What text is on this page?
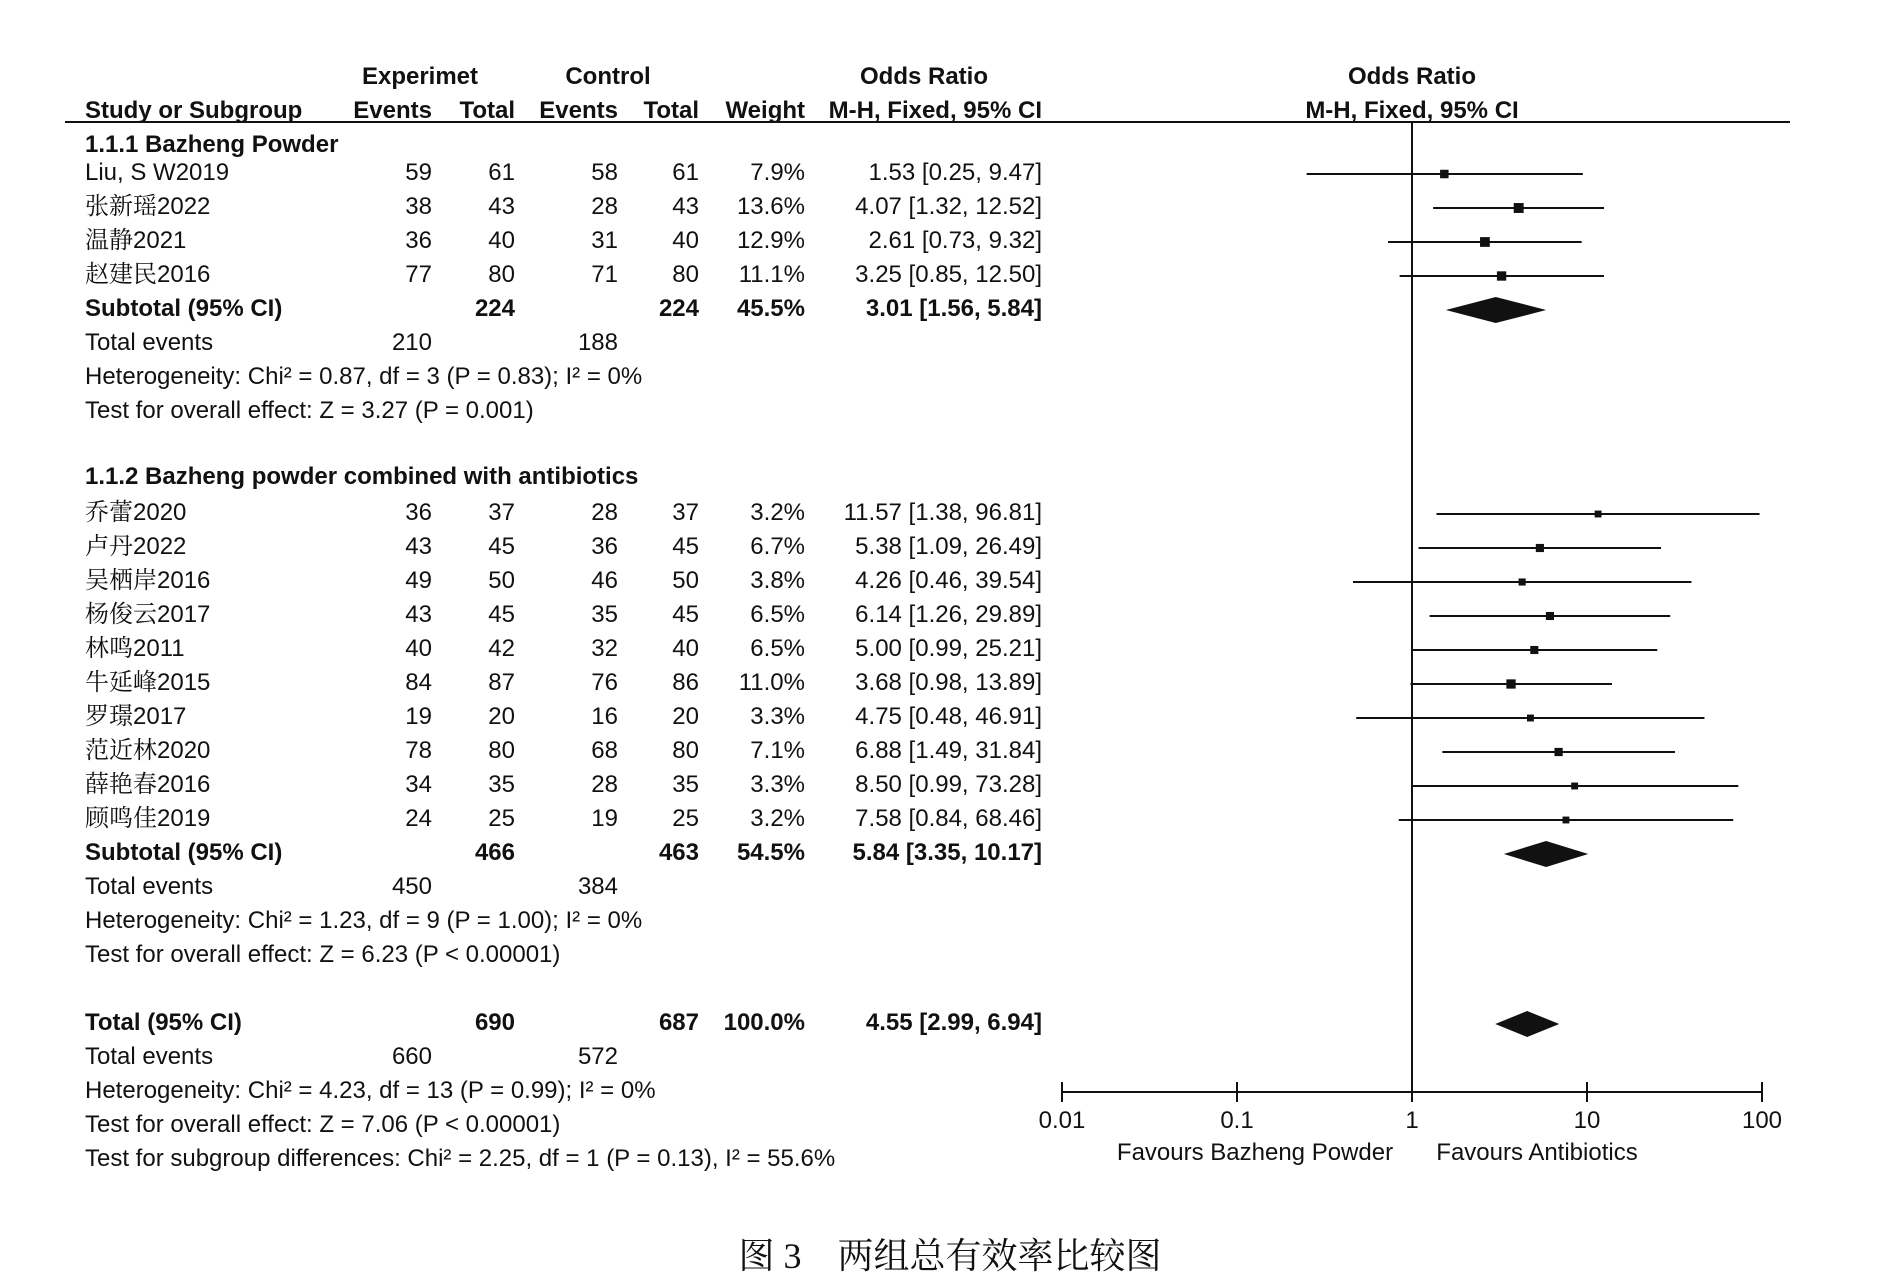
Experimet	Control	Odds Ratio	Odds Ratio
Study or Subgroup Events Total Events Total Weight M-H, Fixed, 95% CI	M-H, Fixed, 95% CI
1.1.1 Bazheng Powder
Liu, S W2019	59 61	58 61 7.9%	1.53 [0.25, 9.47]
张新瑶2022	38 43	28 43 13.6% 4.07 [1.32, 12.52]
温静2021	36 40	31 40 12.9%	2.61 [0.73, 9.32]
赵建民2016	77 80	71 80 11.1% 3.25 [0.85, 12.50]
Subtotal (95% CI)	224	224 45.5%	3.01 [1.56, 5.84]
Total events	210	188
Heterogeneity: Chi² = 0.87, df = 3 (P = 0.83); I² = 0%
Test for overall effect: Z = 3.27 (P = 0.001)
1.1.2 Bazheng powder combined with antibiotics
乔蕾2020	36 37	28 37 3.2% 11.57 [1.38, 96.81]
卢丹2022	43 45	36 45 6.7% 5.38 [1.09, 26.49]
吴栖岸2016	49 50	46 50 3.8% 4.26 [0.46, 39.54]
杨俊云2017	43 45	35 45 6.5% 6.14 [1.26, 29.89]
林鸣2011	40 42	32 40 6.5% 5.00 [0.99, 25.21]
牛延峰2015	84 87	76 86 11.0% 3.68 [0.98, 13.89]
罗璟2017	19 20	16 20 3.3% 4.75 [0.48, 46.91]
范近林2020	78 80	68 80 7.1% 6.88 [1.49, 31.84]
薛艳春2016	34 35	28 35 3.3% 8.50 [0.99, 73.28]
顾鸣佳2019	24 25	19 25 3.2% 7.58 [0.84, 68.46]
Subtotal (95% CI)	466	463 54.5% 5.84 [3.35, 10.17]
Total events	450	384
Heterogeneity: Chi² = 1.23, df = 9 (P = 1.00); I² = 0%
Test for overall effect: Z = 6.23 (P < 0.00001)
Total (95% CI)	690	687 100.0%	4.55 [2.99, 6.94]
Total events	660	572
Heterogeneity: Chi² = 4.23, df = 13 (P = 0.99); I² = 0%
Test for overall effect: Z = 7.06 (P < 0.00001)
Test for subgroup differences: Chi² = 2.25, df = 1 (P = 0.13), I² = 55.6%
0.01	0.1	1	10	100
Favours Bazheng Powder Favours Antibiotics
图 3　两组总有效率比较图
